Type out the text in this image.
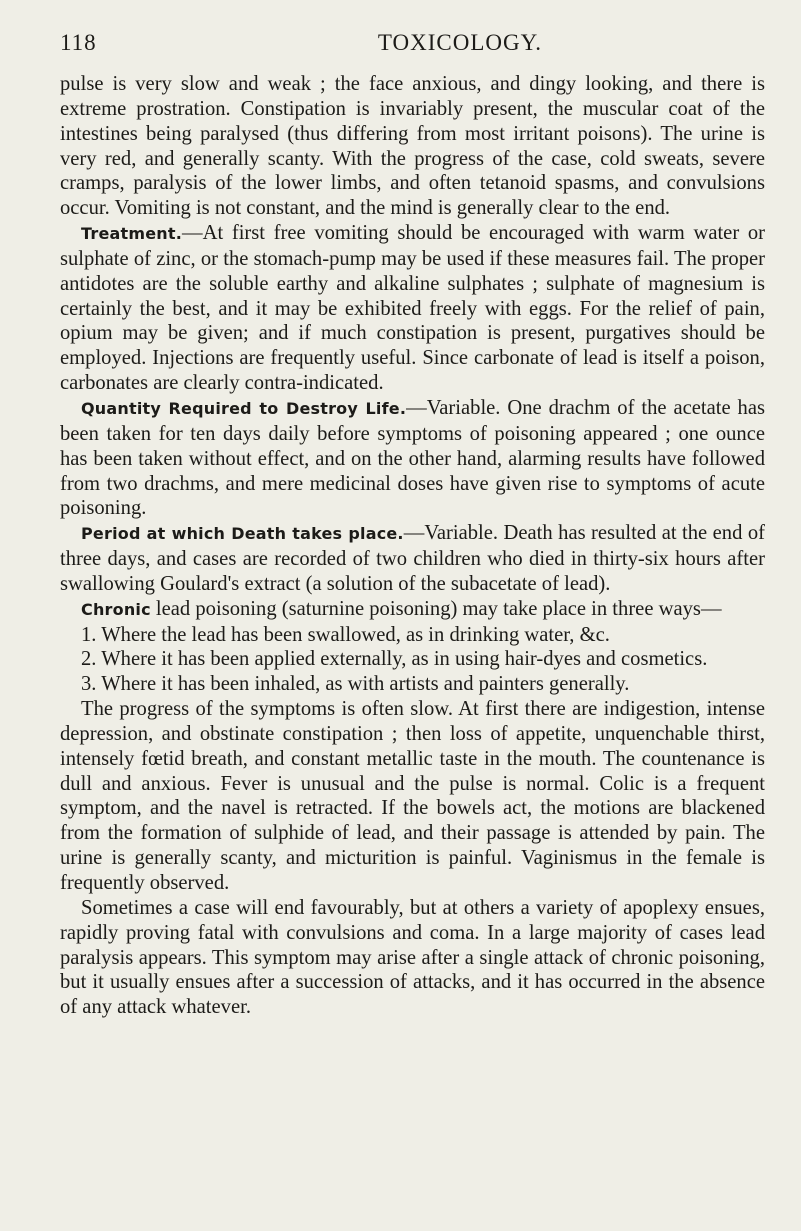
118	TOXICOLOGY.

pulse is very slow and weak ; the face anxious, and dingy looking, and there is extreme prostration. Constipation is invariably present, the muscular coat of the intestines being paralysed (thus differing from most irritant poisons). The urine is very red, and generally scanty. With the progress of the case, cold sweats, severe cramps, paralysis of the lower limbs, and often tetanoid spasms, and convulsions occur. Vomiting is not constant, and the mind is generally clear to the end.

Treatment.—At first free vomiting should be encouraged with warm water or sulphate of zinc, or the stomach-pump may be used if these measures fail. The proper antidotes are the soluble earthy and alkaline sulphates ; sulphate of magnesium is certainly the best, and it may be exhibited freely with eggs. For the relief of pain, opium may be given; and if much constipation is present, purgatives should be employed. Injections are frequently useful. Since carbonate of lead is itself a poison, carbonates are clearly contra-indicated.

Quantity Required to Destroy Life.—Variable. One drachm of the acetate has been taken for ten days daily before symptoms of poisoning appeared ; one ounce has been taken without effect, and on the other hand, alarming results have followed from two drachms, and mere medicinal doses have given rise to symptoms of acute poisoning.

Period at which Death takes place.—Variable. Death has resulted at the end of three days, and cases are recorded of two children who died in thirty-six hours after swallowing Goulard's extract (a solution of the subacetate of lead).

Chronic lead poisoning (saturnine poisoning) may take place in three ways—

1. Where the lead has been swallowed, as in drinking water, &c.

2. Where it has been applied externally, as in using hair-dyes and cosmetics.

3. Where it has been inhaled, as with artists and painters generally.

The progress of the symptoms is often slow. At first there are indigestion, intense depression, and obstinate constipation ; then loss of appetite, unquenchable thirst, intensely fœtid breath, and constant metallic taste in the mouth. The countenance is dull and anxious. Fever is unusual and the pulse is normal. Colic is a frequent symptom, and the navel is retracted. If the bowels act, the motions are blackened from the formation of sulphide of lead, and their passage is attended by pain. The urine is generally scanty, and micturition is painful. Vaginismus in the female is frequently observed.

Sometimes a case will end favourably, but at others a variety of apoplexy ensues, rapidly proving fatal with convulsions and coma. In a large majority of cases lead paralysis appears. This symptom may arise after a single attack of chronic poisoning, but it usually ensues after a succession of attacks, and it has occurred in the absence of any attack whatever.
